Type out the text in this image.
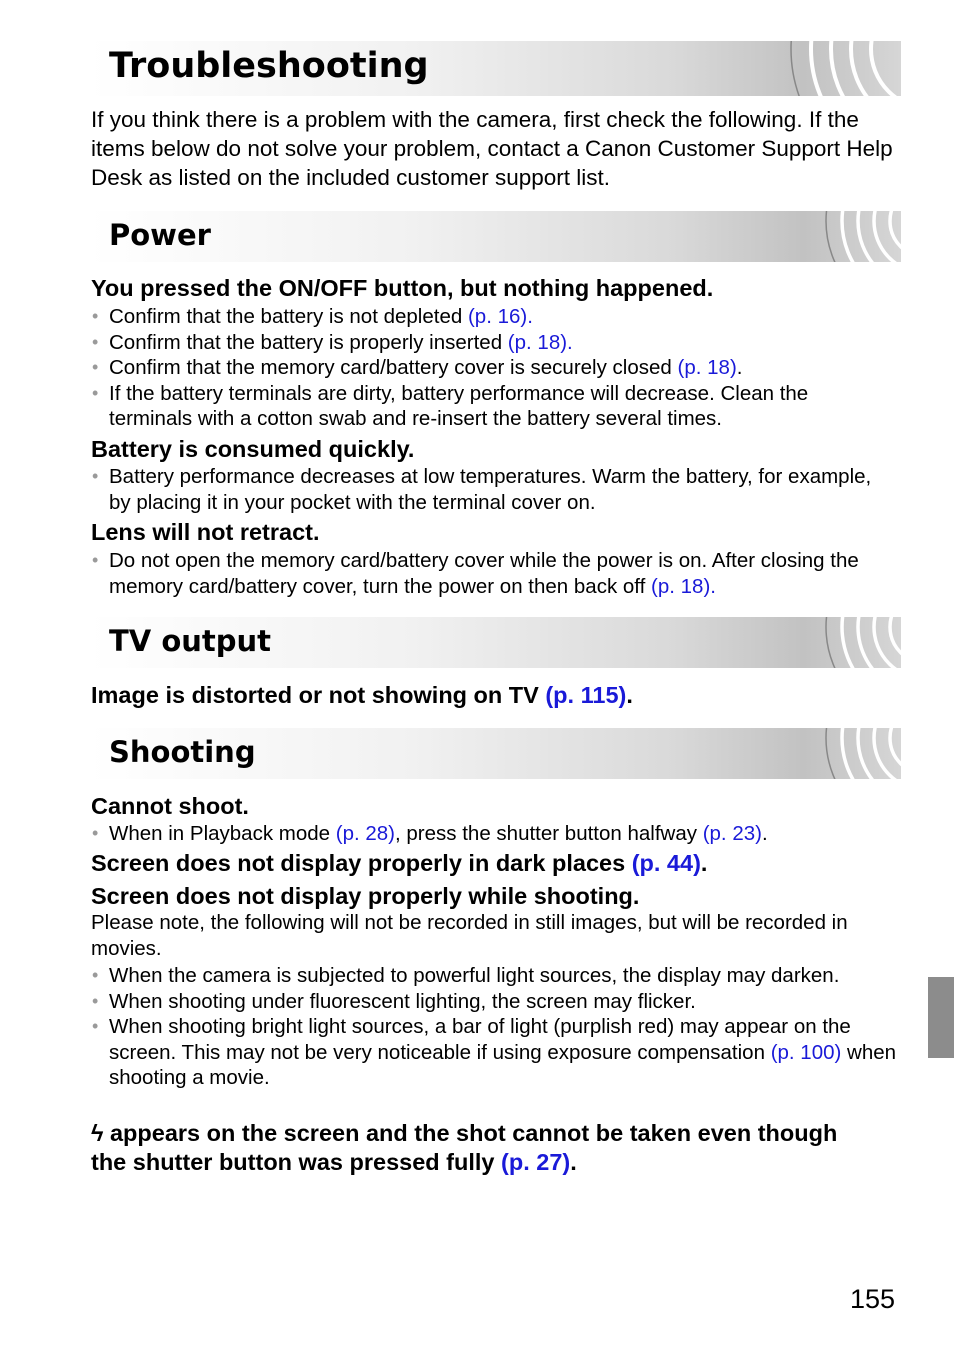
Troubleshooting

If you think there is a problem with the camera, first check the following. If the items below do not solve your problem, contact a Canon Customer Support Help Desk as listed on the included customer support list.

Power

You pressed the ON/OFF button, but nothing happened.

• Confirm that the battery is not depleted (p. 16).
• Confirm that the battery is properly inserted (p. 18).
• Confirm that the memory card/battery cover is securely closed (p. 18).
• If the battery terminals are dirty, battery performance will decrease. Clean the terminals with a cotton swab and re-insert the battery several times.

Battery is consumed quickly.

• Battery performance decreases at low temperatures. Warm the battery, for example, by placing it in your pocket with the terminal cover on.

Lens will not retract.

• Do not open the memory card/battery cover while the power is on. After closing the memory card/battery cover, turn the power on then back off (p. 18).
TV output

Image is distorted or not showing on TV (p. 115).

Shooting

Cannot shoot.

• When in Playback mode (p. 28), press the shutter button halfway (p. 23).

Screen does not display properly in dark places (p. 44).

Screen does not display properly while shooting.

Please note, the following will not be recorded in still images, but will be recorded in movies.

• When the camera is subjected to powerful light sources, the display may darken.
• When shooting under fluorescent lighting, the screen may flicker.
• When shooting bright light sources, a bar of light (purplish red) may appear on the screen. This may not be very noticeable if using exposure compensation (p. 100) when shooting a movie.

ϟ appears on the screen and the shot cannot be taken even though the shutter button was pressed fully (p. 27).

155
